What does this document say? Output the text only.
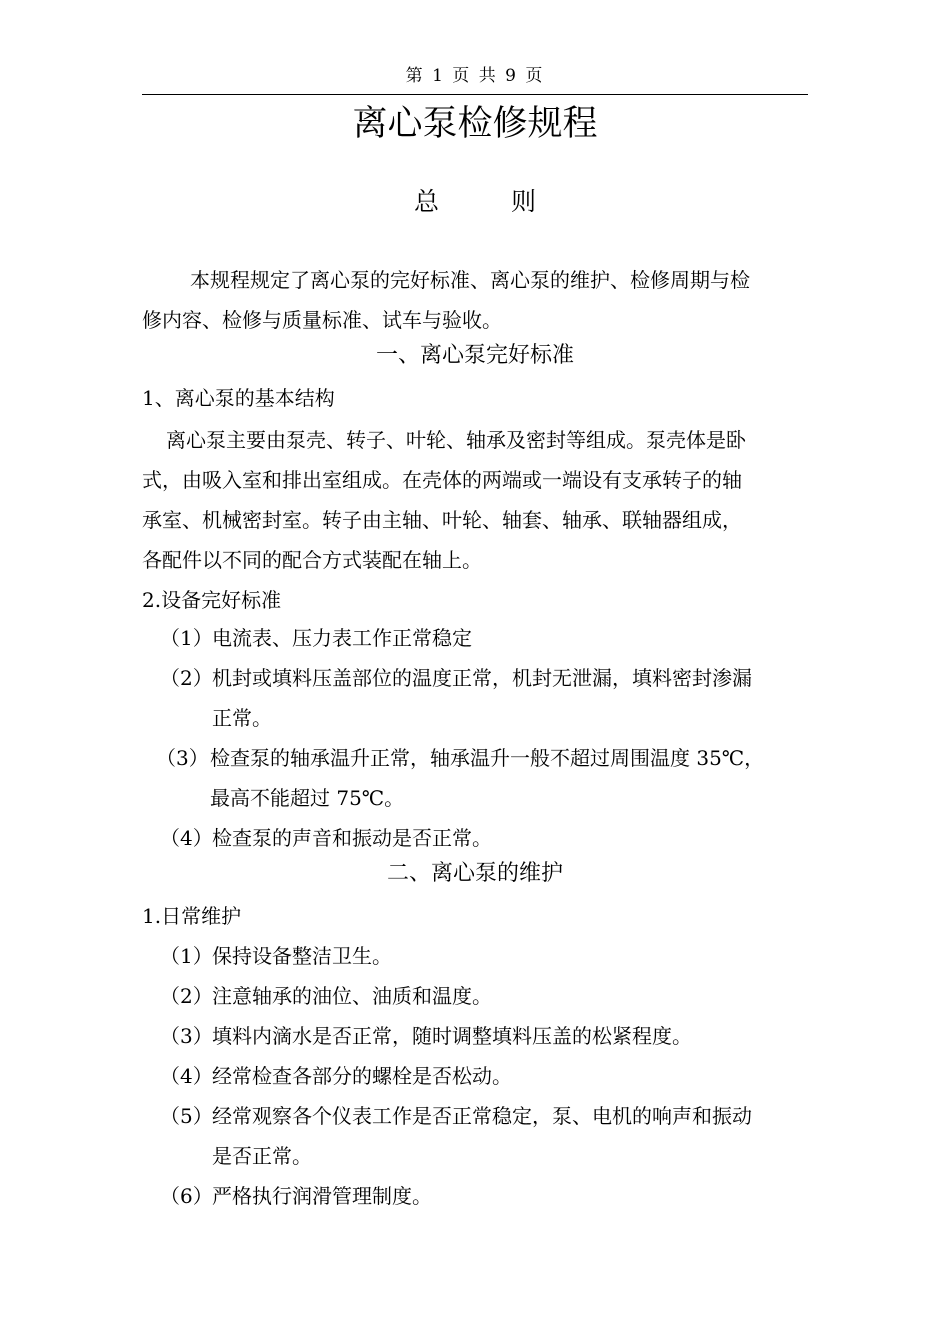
第 1 页 共 9 页
离心泵检修规程
总	则
本规程规定了离心泵的完好标准、离心泵的维护、检修周期与检
修内容、检修与质量标准、试车与验收。
一、离心泵完好标准
1、离心泵的基本结构
离心泵主要由泵壳、转子、叶轮、轴承及密封等组成。泵壳体是卧
式，由吸入室和排出室组成。在壳体的两端或一端设有支承转子的轴
承室、机械密封室。转子由主轴、叶轮、轴套、轴承、联轴器组成，
各配件以不同的配合方式装配在轴上。
2.设备完好标准
（1） 电流表、压力表工作正常稳定
（2） 机封或填料压盖部位的温度正常，机封无泄漏，填料密封渗漏
正常。
（3） 检查泵的轴承温升正常，轴承温升一般不超过周围温度 35℃，
最高不能超过 75℃。
（4） 检查泵的声音和振动是否正常。
二、离心泵的维护
1.日常维护
（1） 保持设备整洁卫生。
（2） 注意轴承的油位、油质和温度。
（3） 填料内滴水是否正常，随时调整填料压盖的松紧程度。
（4） 经常检查各部分的螺栓是否松动。
（5） 经常观察各个仪表工作是否正常稳定，泵、电机的响声和振动
是否正常。
（6） 严格执行润滑管理制度。
